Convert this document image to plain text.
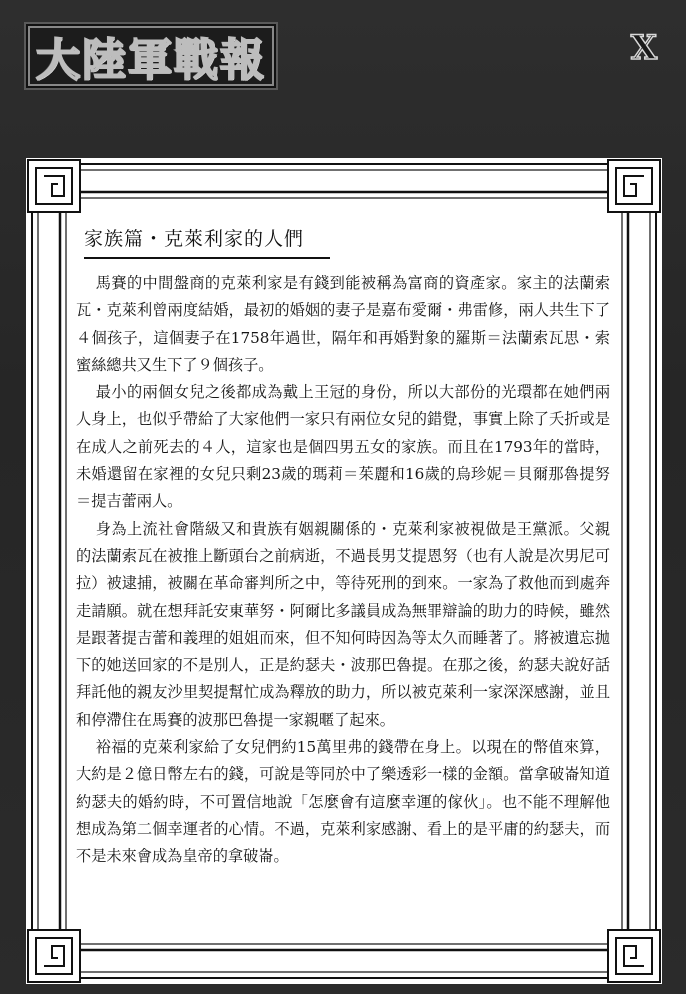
大陸軍戰報	X
家族篇・克萊利家的人們

馬賽的中間盤商的克萊利家是有錢到能被稱為富商的資產家。家主的法蘭索瓦・克萊利曾兩度結婚，最初的婚姻的妻子是嘉布愛爾・弗雷修，兩人共生下了４個孩子，這個妻子在1758年過世，隔年和再婚對象的羅斯＝法蘭索瓦思・索蜜絲總共又生下了９個孩子。

最小的兩個女兒之後都成為戴上王冠的身份，所以大部份的光環都在她們兩人身上，也似乎帶給了大家他們一家只有兩位女兒的錯覺，事實上除了夭折或是在成人之前死去的４人，這家也是個四男五女的家族。而且在1793年的當時，未婚還留在家裡的女兒只剩23歲的瑪莉＝茱麗和16歲的烏珍妮＝貝爾那魯提努＝提吉蕾兩人。

身為上流社會階級又和貴族有姻親關係的・克萊利家被視做是王黨派。父親的法蘭索瓦在被推上斷頭台之前病逝，不過長男艾提恩努（也有人說是次男尼可拉）被逮捕，被關在革命審判所之中，等待死刑的到來。一家為了救他而到處奔走請願。就在想拜託安東華努・阿爾比多議員成為無罪辯論的助力的時候，雖然是跟著提吉蕾和義理的姐姐而來，但不知何時因為等太久而睡著了。將被遺忘拋下的她送回家的不是別人，正是約瑟夫・波那巴魯提。在那之後，約瑟夫說好話拜託他的親友沙里契提幫忙成為釋放的助力，所以被克萊利一家深深感謝，並且和停滯住在馬賽的波那巴魯提一家親暱了起來。

裕福的克萊利家給了女兒們約15萬里弗的錢帶在身上。以現在的幣值來算，大約是２億日幣左右的錢，可說是等同於中了樂透彩一樣的金額。當拿破崙知道約瑟夫的婚約時，不可置信地說「怎麼會有這麼幸運的傢伙」。也不能不理解他想成為第二個幸運者的心情。不過，克萊利家感謝、看上的是平庸的約瑟夫，而不是未來會成為皇帝的拿破崙。
